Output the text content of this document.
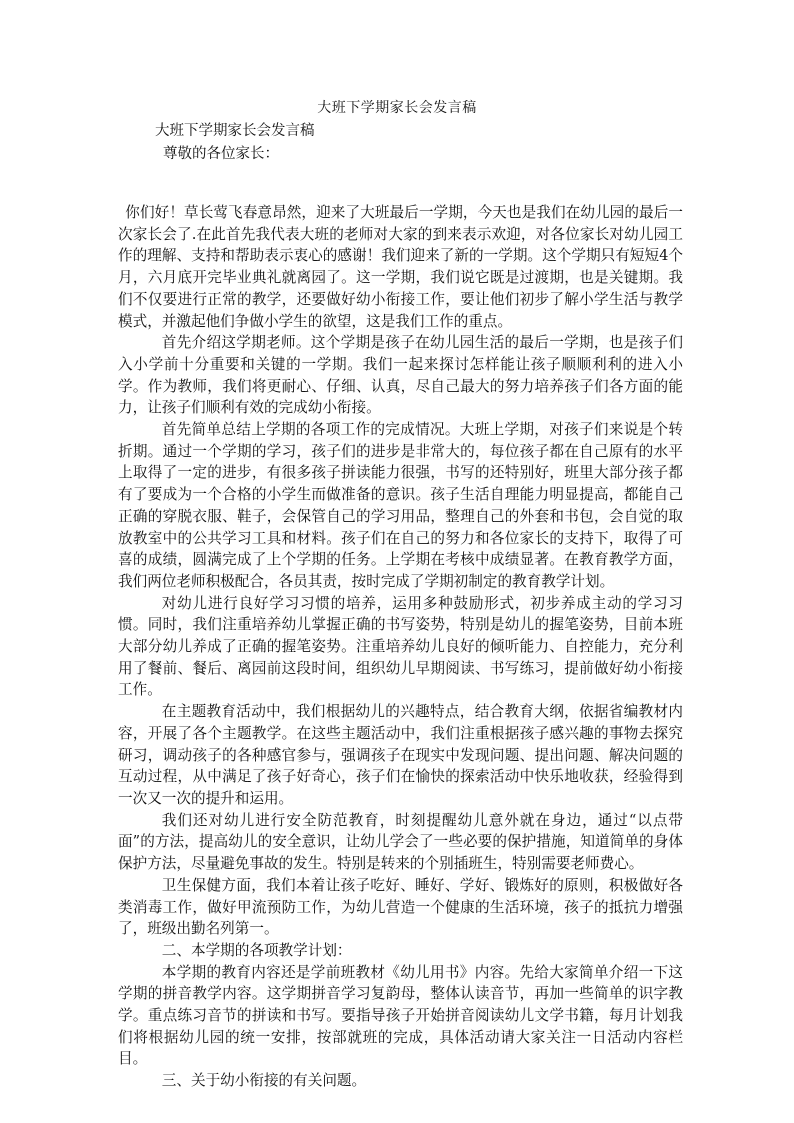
大班下学期家长会发言稿
大班下学期家长会发言稿
尊敬的各位家长：

你们好！草长莺飞春意昂然，迎来了大班最后一学期，今天也是我们在幼儿园的最后一次家长会了.在此首先我代表大班的老师对大家的到来表示欢迎，对各位家长对幼儿园工作的理解、支持和帮助表示衷心的感谢！我们迎来了新的一学期。这个学期只有短短4个月，六月底开完毕业典礼就离园了。这一学期，我们说它既是过渡期，也是关键期。我们不仅要进行正常的教学，还要做好幼小衔接工作，要让他们初步了解小学生活与教学模式，并激起他们争做小学生的欲望，这是我们工作的重点。

首先介绍这学期老师。这个学期是孩子在幼儿园生活的最后一学期，也是孩子们入小学前十分重要和关键的一学期。我们一起来探讨怎样能让孩子顺顺利利的进入小学。作为教师，我们将更耐心、仔细、认真，尽自己最大的努力培养孩子们各方面的能力，让孩子们顺利有效的完成幼小衔接。

首先简单总结上学期的各项工作的完成情况。大班上学期，对孩子们来说是个转折期。通过一个学期的学习，孩子们的进步是非常大的，每位孩子都在自己原有的水平上取得了一定的进步，有很多孩子拼读能力很强，书写的还特别好，班里大部分孩子都有了要成为一个合格的小学生而做准备的意识。孩子生活自理能力明显提高，都能自己正确的穿脱衣服、鞋子，会保管自己的学习用品，整理自己的外套和书包，会自觉的取放教室中的公共学习工具和材料。孩子们在自己的努力和各位家长的支持下，取得了可喜的成绩，圆满完成了上个学期的任务。上学期在考核中成绩显著。在教育教学方面，我们两位老师积极配合，各员其责，按时完成了学期初制定的教育教学计划。

对幼儿进行良好学习习惯的培养，运用多种鼓励形式，初步养成主动的学习习惯。同时，我们注重培养幼儿掌握正确的书写姿势，特别是幼儿的握笔姿势，目前本班大部分幼儿养成了正确的握笔姿势。注重培养幼儿良好的倾听能力、自控能力，充分利用了餐前、餐后、离园前这段时间，组织幼儿早期阅读、书写练习，提前做好幼小衔接工作。

在主题教育活动中，我们根据幼儿的兴趣特点，结合教育大纲，依据省编教材内容，开展了各个主题教学。在这些主题活动中，我们注重根据孩子感兴趣的事物去探究研习，调动孩子的各种感官参与，强调孩子在现实中发现问题、提出问题、解决问题的互动过程，从中满足了孩子好奇心，孩子们在愉快的探索活动中快乐地收获，经验得到一次又一次的提升和运用。

我们还对幼儿进行安全防范教育，时刻提醒幼儿意外就在身边，通过“以点带面”的方法，提高幼儿的安全意识，让幼儿学会了一些必要的保护措施，知道简单的身体保护方法，尽量避免事故的发生。特别是转来的个别插班生，特别需要老师费心。

卫生保健方面，我们本着让孩子吃好、睡好、学好、锻炼好的原则，积极做好各类消毒工作，做好甲流预防工作，为幼儿营造一个健康的生活环境，孩子的抵抗力增强了，班级出勤名列第一。

二、本学期的各项教学计划：

本学期的教育内容还是学前班教材《幼儿用书》内容。先给大家简单介绍一下这学期的拼音教学内容。这学期拼音学习复韵母，整体认读音节，再加一些简单的识字教学。重点练习音节的拼读和书写。要指导孩子开始拼音阅读幼儿文学书籍，每月计划我们将根据幼儿园的统一安排，按部就班的完成，具体活动请大家关注一日活动内容栏目。

三、关于幼小衔接的有关问题。
